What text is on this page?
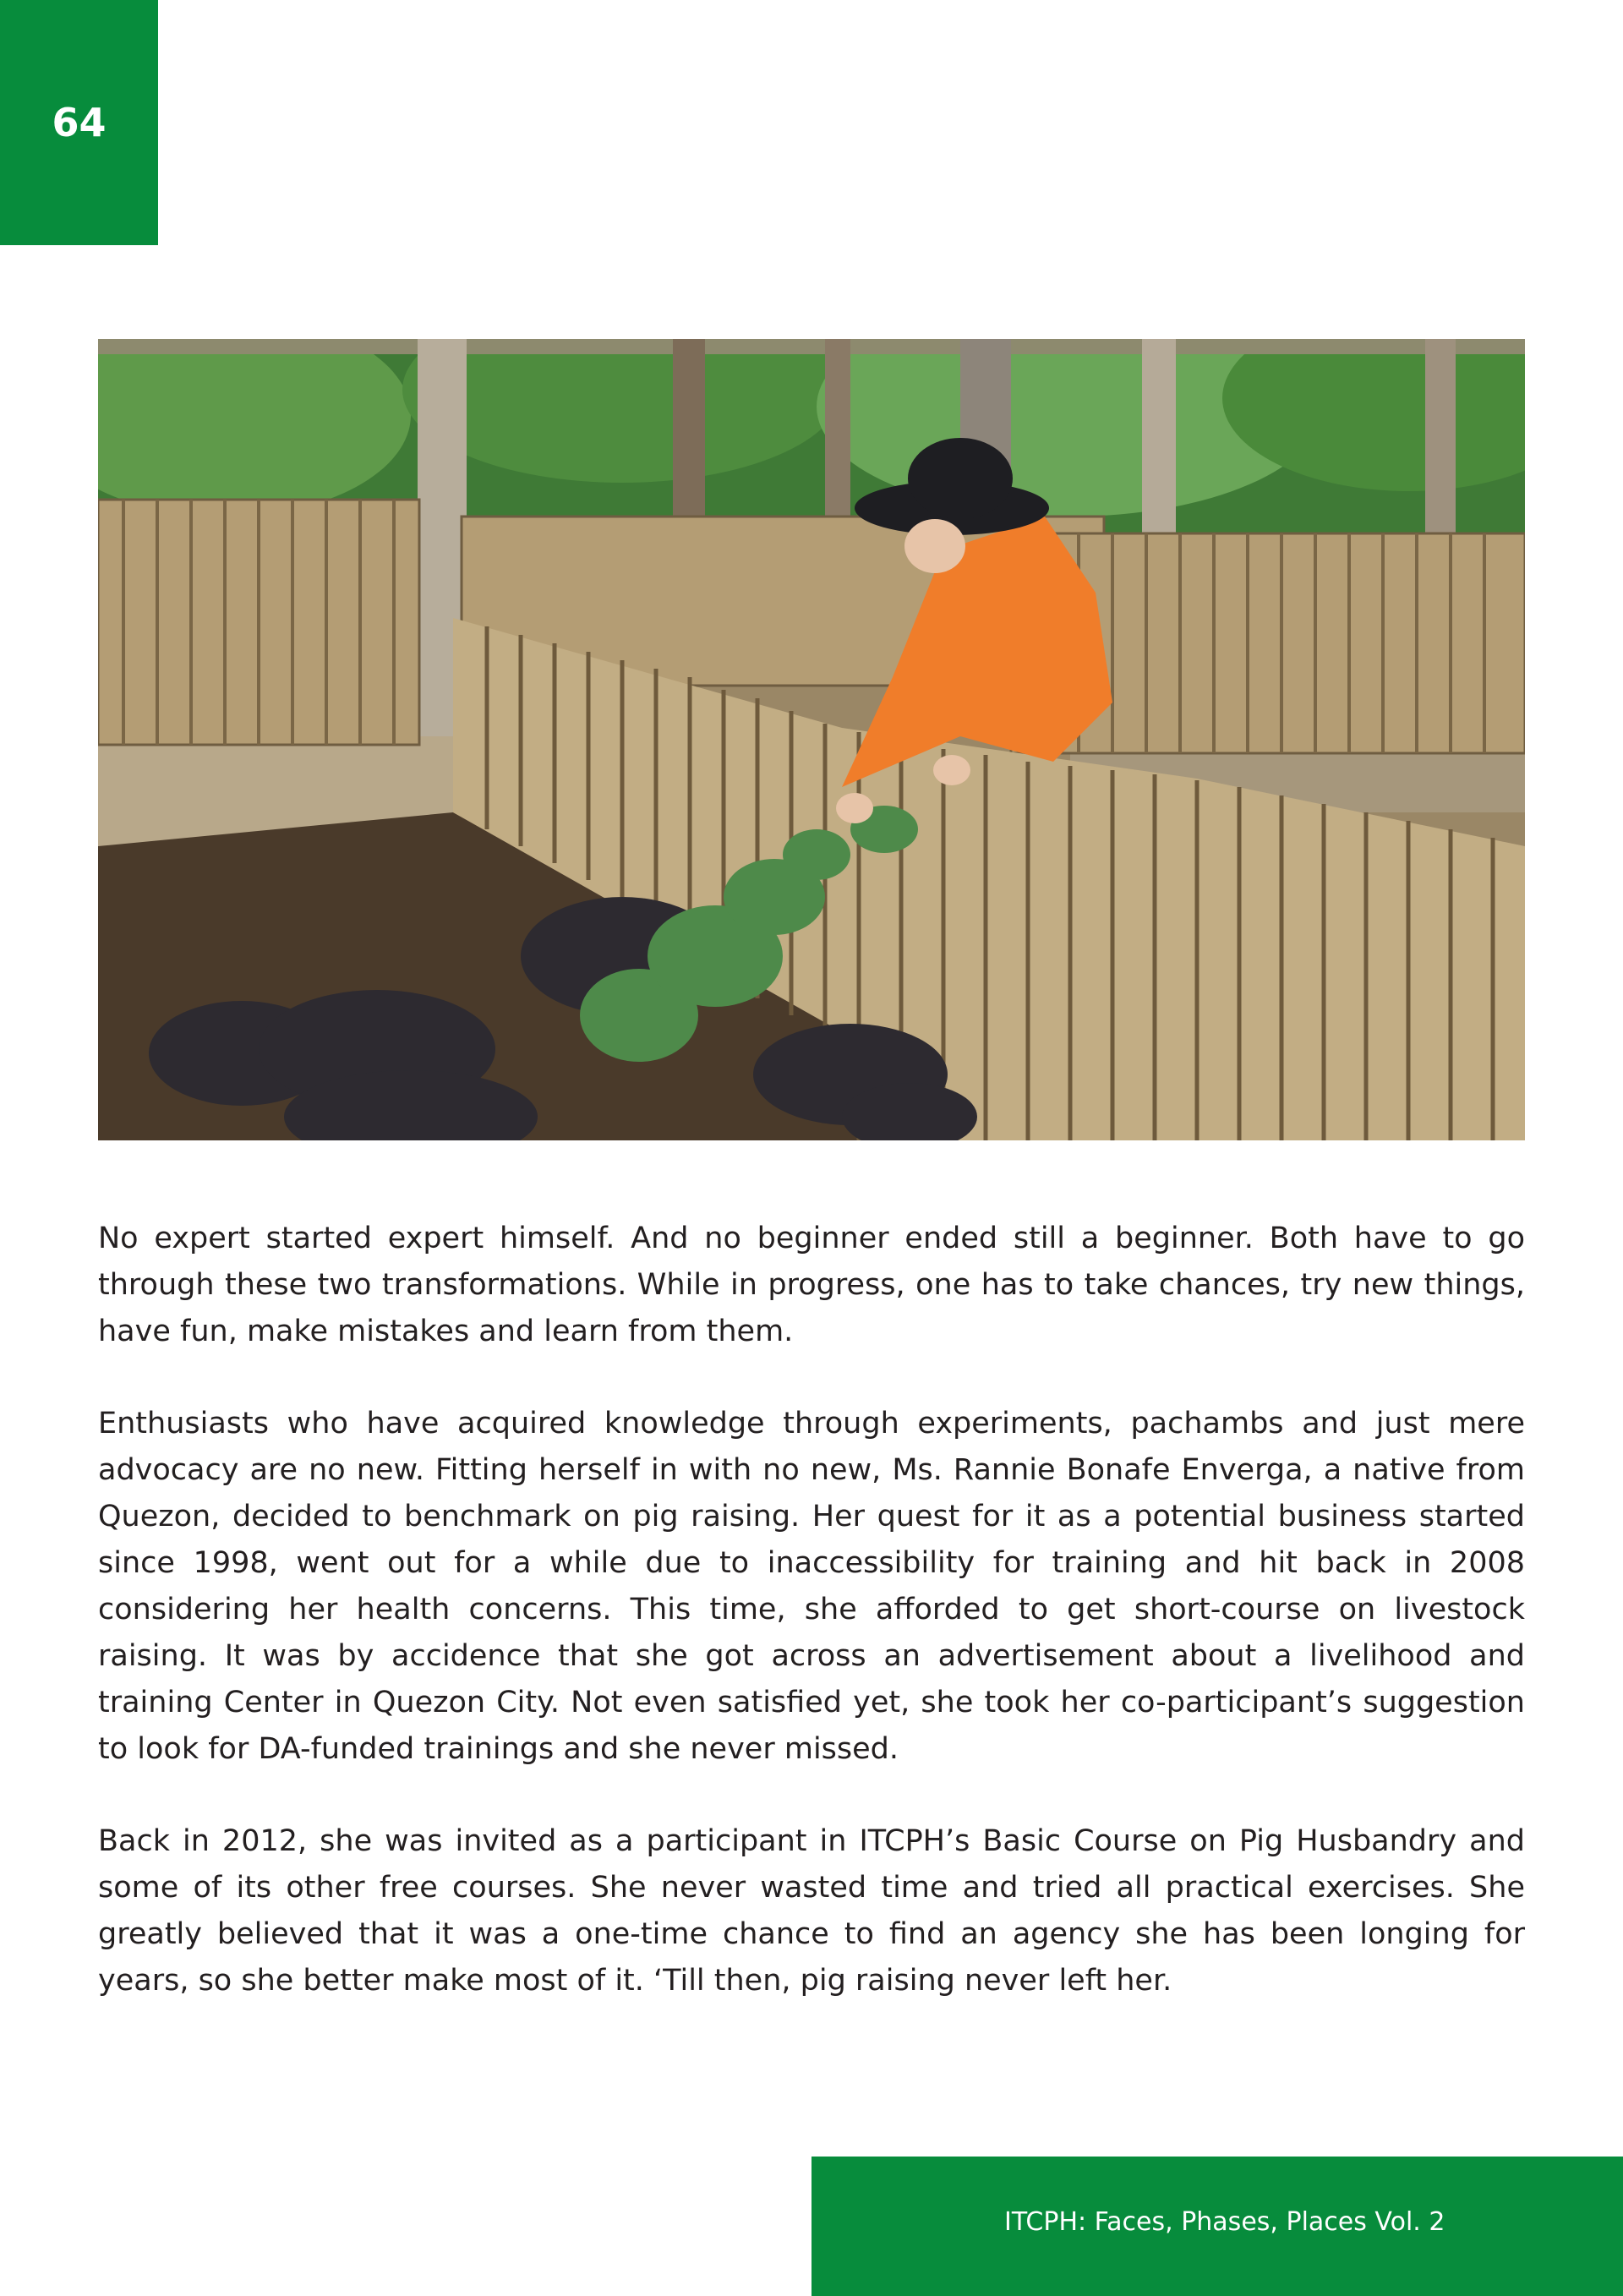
64

No expert started expert himself. And no beginner ended still a beginner. Both have to go through these two transformations. While in progress, one has to take chances, try new things, have fun, make mistakes and learn from them.

Enthusiasts who have acquired knowledge through experiments, pachambs and just mere advocacy are no new. Fitting herself in with no new, Ms. Rannie Bonafe Enverga, a native from Quezon, decided to benchmark on pig raising. Her quest for it as a potential business started since 1998, went out for a while due to inaccessibility for training and hit back in 2008 considering her health concerns. This time, she afforded to get short-course on livestock raising. It was by accidence that she got across an advertisement about a livelihood and training Center in Quezon City. Not even satisfied yet, she took her co-participant’s suggestion to look for DA-funded trainings and she never missed.

Back in 2012, she was invited as a participant in ITCPH’s Basic Course on Pig Husbandry and some of its other free courses. She never wasted time and tried all practical exercises. She greatly believed that it was a one-time chance to find an agency she has been longing for years, so she better make most of it. ‘Till then, pig raising never left her.

ITCPH: Faces, Phases, Places Vol. 2
